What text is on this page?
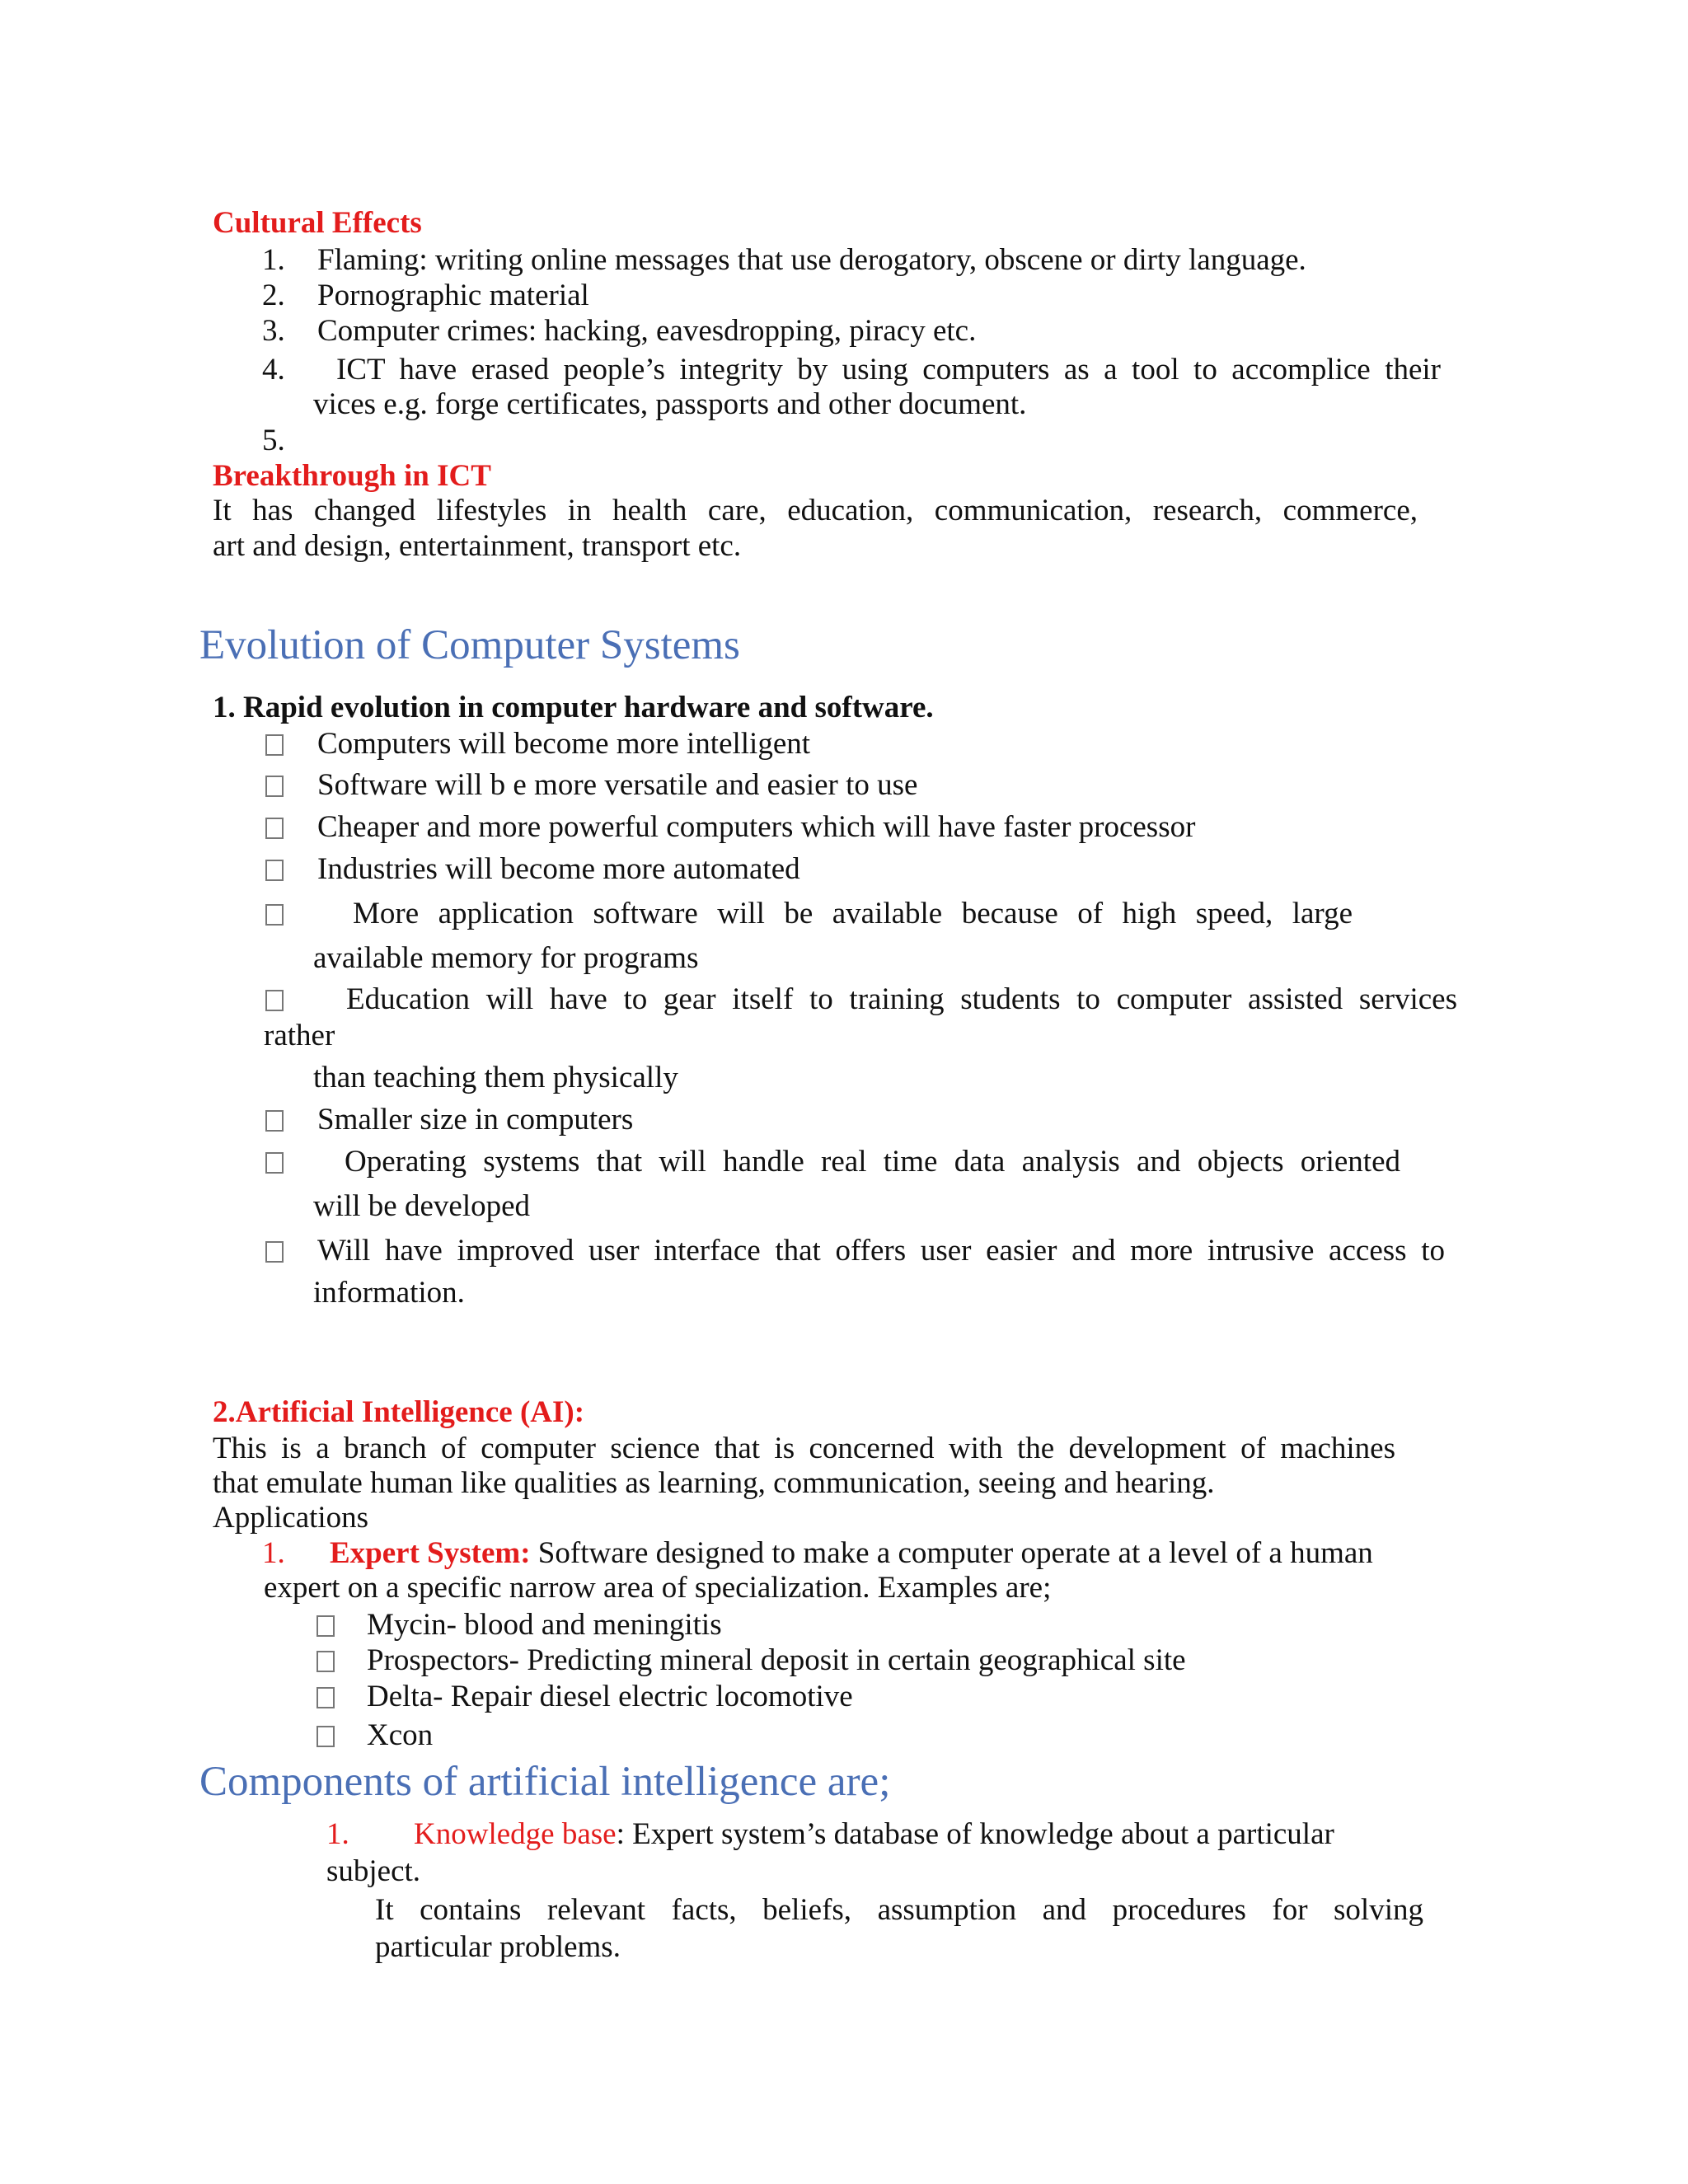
Cultural Effects
1. Flaming: writing online messages that use derogatory, obscene or dirty language.
2. Pornographic material
3. Computer crimes: hacking, eavesdropping, piracy etc.
4. ICT have erased people’s integrity by using computers as a tool to accomplice their
vices e.g. forge certificates, passports and other document.
5.
Breakthrough in ICT
It has changed lifestyles in health care, education, communication, research, commerce,
art and design, entertainment, transport etc.
Evolution of Computer Systems
1. Rapid evolution in computer hardware and software.
Computers will become more intelligent
Software will b e more versatile and easier to use
Cheaper and more powerful computers which will have faster processor
Industries will become more automated
More application software will be available because of high speed, large
available memory for programs
Education will have to gear itself to training students to computer assisted services
rather
than teaching them physically
Smaller size in computers
Operating systems that will handle real time data analysis and objects oriented
will be developed
Will have improved user interface that offers user easier and more intrusive access to
information.
2.Artificial Intelligence (AI):
This is a branch of computer science that is concerned with the development of machines
that emulate human like qualities as learning, communication, seeing and hearing.
Applications
1. Expert System: Software designed to make a computer operate at a level of a human
expert on a specific narrow area of specialization. Examples are;
Mycin- blood and meningitis
Prospectors- Predicting mineral deposit in certain geographical site
Delta- Repair diesel electric locomotive
Xcon
Components of artificial intelligence are;
1. Knowledge base: Expert system’s database of knowledge about a particular
subject.
It contains relevant facts, beliefs, assumption and procedures for solving
particular problems.
